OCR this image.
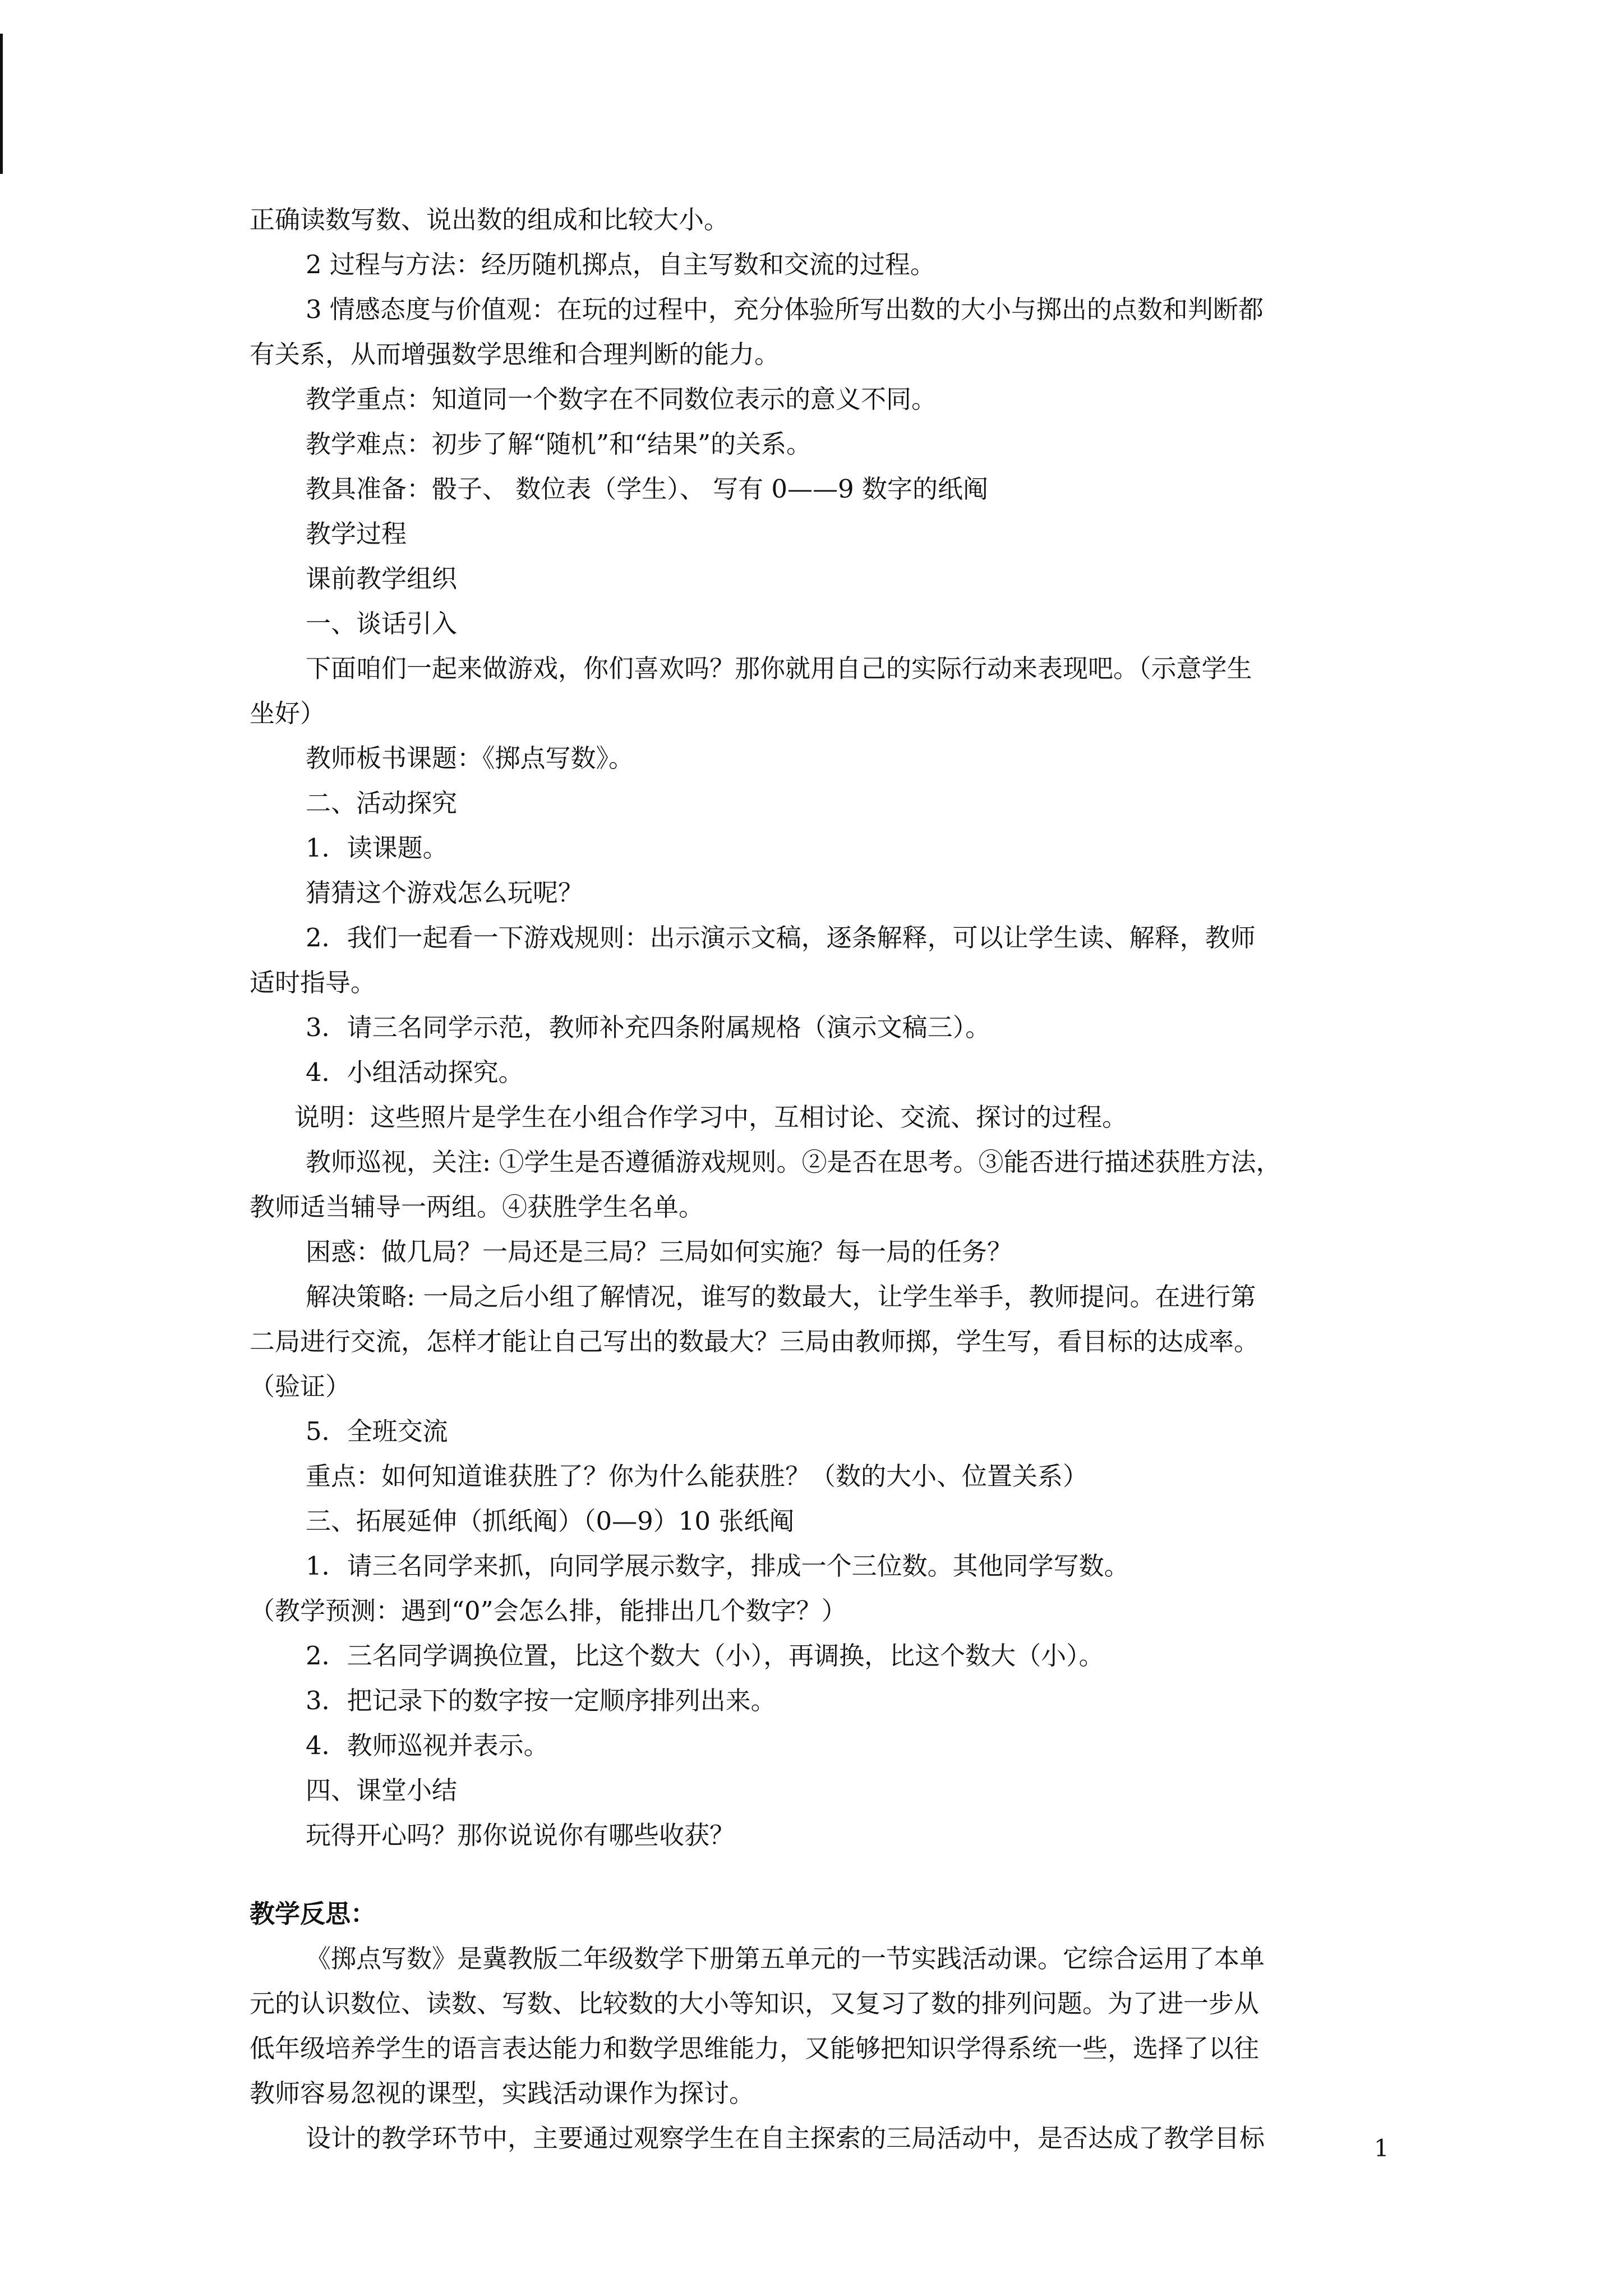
正确读数写数、说出数的组成和比较大小。
2 过程与方法：经历随机掷点，自主写数和交流的过程。
3 情感态度与价值观：在玩的过程中，充分体验所写出数的大小与掷出的点数和判断都
有关系，从而增强数学思维和合理判断的能力。
教学重点：知道同一个数字在不同数位表示的意义不同。
教学难点：初步了解“随机”和“结果”的关系。
教具准备：骰子、 数位表（学生）、 写有 0——9 数字的纸阄
教学过程
课前教学组织
一、谈话引入
下面咱们一起来做游戏，你们喜欢吗？那你就用自己的实际行动来表现吧。（示意学生
坐好）
教师板书课题：《掷点写数》。
二、活动探究
1．读课题。
猜猜这个游戏怎么玩呢？
2．我们一起看一下游戏规则：出示演示文稿，逐条解释，可以让学生读、解释，教师
适时指导。
3．请三名同学示范，教师补充四条附属规格（演示文稿三）。
4．小组活动探究。
说明：这些照片是学生在小组合作学习中，互相讨论、交流、探讨的过程。
教师巡视，关注: ①学生是否遵循游戏规则。②是否在思考。③能否进行描述获胜方法，
教师适当辅导一两组。④获胜学生名单。
困惑：做几局？一局还是三局？三局如何实施？每一局的任务？
解决策略: 一局之后小组了解情况，谁写的数最大，让学生举手，教师提问。在进行第
二局进行交流，怎样才能让自己写出的数最大？三局由教师掷，学生写，看目标的达成率。
（验证）
5．全班交流
重点：如何知道谁获胜了？你为什么能获胜？（数的大小、位置关系）
三、拓展延伸（抓纸阄）（0—9）10 张纸阄
1．请三名同学来抓，向同学展示数字，排成一个三位数。其他同学写数。
（教学预测：遇到“0”会怎么排，能排出几个数字？）
2．三名同学调换位置，比这个数大（小），再调换，比这个数大（小）。
3．把记录下的数字按一定顺序排列出来。
4．教师巡视并表示。
四、课堂小结
玩得开心吗？那你说说你有哪些收获？
教学反思：
《掷点写数》是冀教版二年级数学下册第五单元的一节实践活动课。它综合运用了本单
元的认识数位、读数、写数、比较数的大小等知识，又复习了数的排列问题。为了进一步从
低年级培养学生的语言表达能力和数学思维能力，又能够把知识学得系统一些，选择了以往
教师容易忽视的课型，实践活动课作为探讨。
设计的教学环节中，主要通过观察学生在自主探索的三局活动中，是否达成了教学目标	1
